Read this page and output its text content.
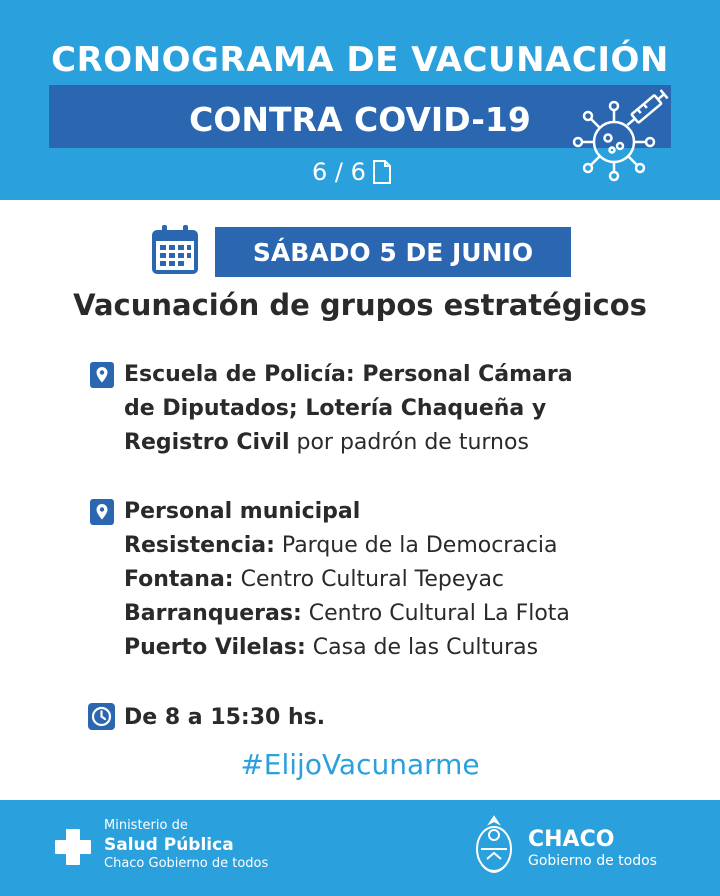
CRONOGRAMA DE VACUNACIÓN
CONTRA COVID-19
6 / 6
SÁBADO 5 DE JUNIO
Vacunación de grupos estratégicos
Escuela de Policía: Personal Cámara
de Diputados; Lotería Chaqueña y
Registro Civil por padrón de turnos
Personal municipal
Resistencia: Parque de la Democracia
Fontana: Centro Cultural Tepeyac
Barranqueras: Centro Cultural La Flota
Puerto Vilelas: Casa de las Culturas
De 8 a 15:30 hs.
#ElijoVacunarme
Ministerio de
Salud Pública
Chaco Gobierno de todos
CHACO
Gobierno de todos
